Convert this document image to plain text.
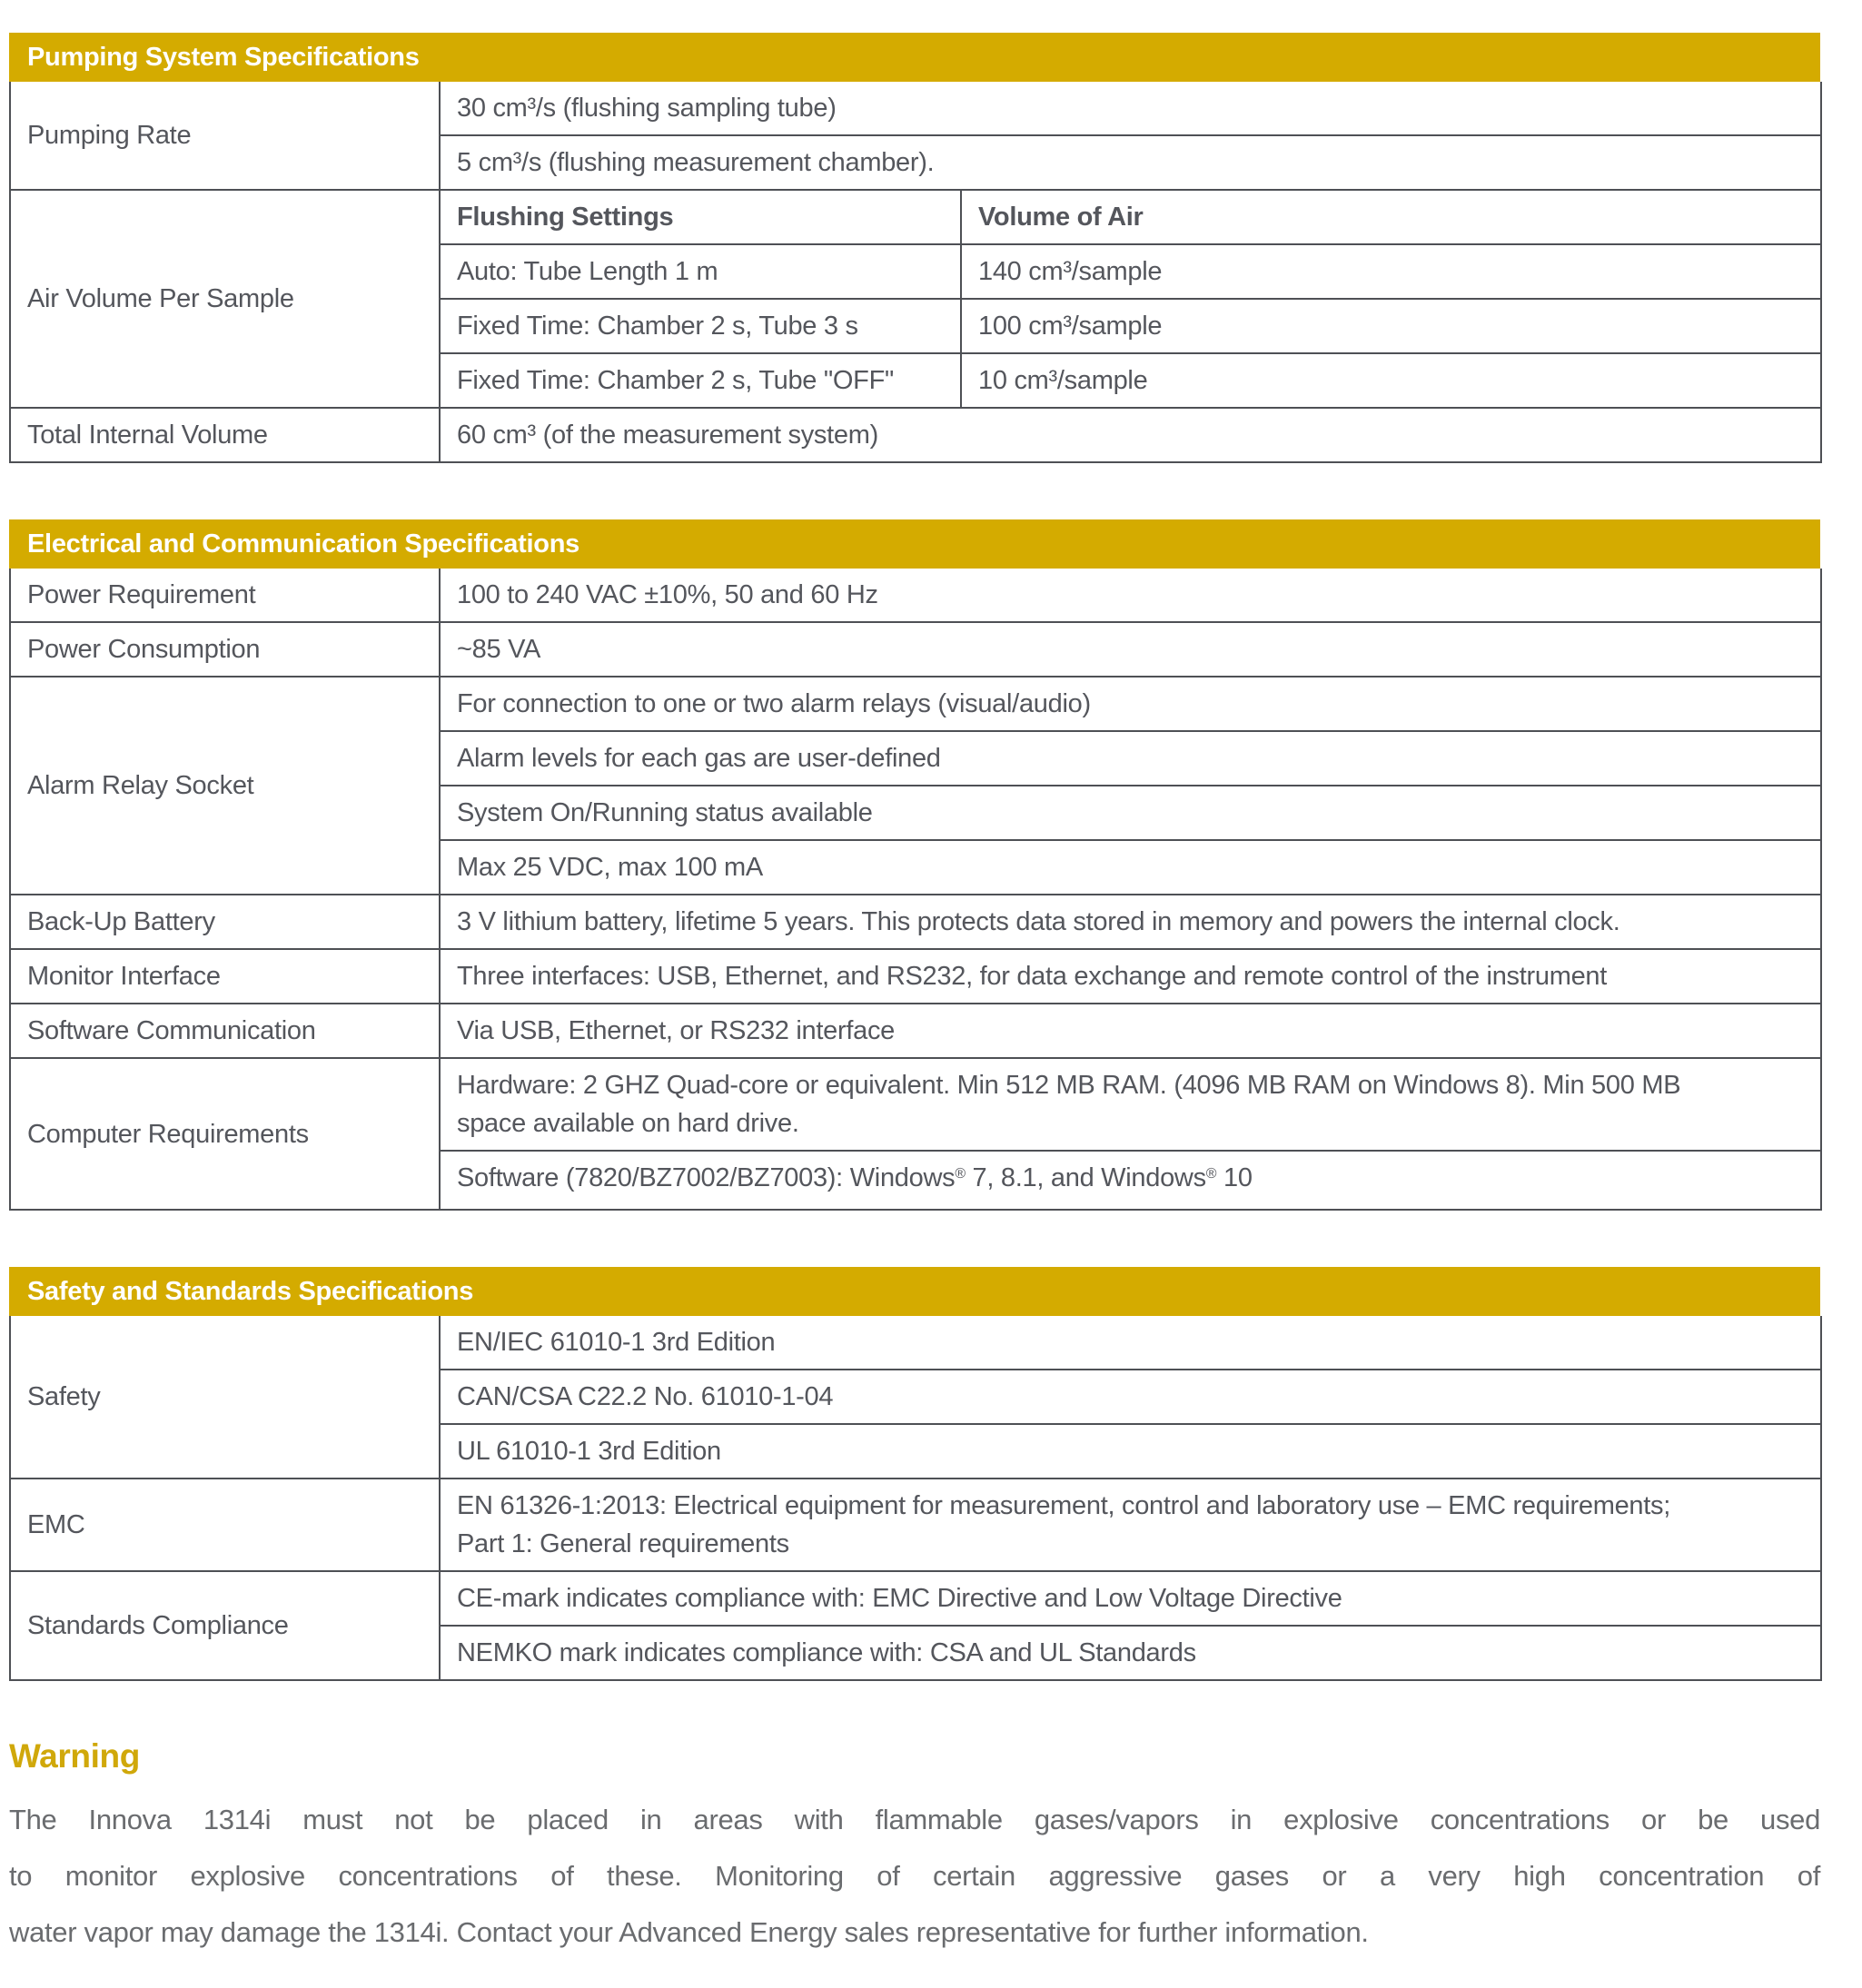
Pumping System Specifications
Pumping Rate	30 cm³/s (flushing sampling tube)	
	5 cm³/s (flushing measurement chamber).	
Air Volume Per Sample	Flushing Settings	Volume of Air
	Auto: Tube Length 1 m	140 cm³/sample
	Fixed Time: Chamber 2 s, Tube 3 s	100 cm³/sample
	Fixed Time: Chamber 2 s, Tube "OFF"	10 cm³/sample
Total Internal Volume	60 cm³ (of the measurement system)	
Electrical and Communication Specifications
Power Requirement	100 to 240 VAC ±10%, 50 and 60 Hz
Power Consumption	~85 VA
Alarm Relay Socket	For connection to one or two alarm relays (visual/audio)
	Alarm levels for each gas are user-defined
	System On/Running status available
	Max 25 VDC, max 100 mA
Back-Up Battery	3 V lithium battery, lifetime 5 years. This protects data stored in memory and powers the internal clock.
Monitor Interface	Three interfaces: USB, Ethernet, and RS232, for data exchange and remote control of the instrument
Software Communication	Via USB, Ethernet, or RS232 interface
Computer Requirements	Hardware: 2 GHZ Quad-core or equivalent. Min 512 MB RAM. (4096 MB RAM on Windows 8). Min 500 MB
space available on hard drive.

	Software (7820/BZ7002/BZ7003): Windows® 7, 8.1, and Windows® 10
Safety and Standards Specifications
Safety	EN/IEC 61010-1 3rd Edition
	CAN/CSA C22.2 No. 61010-1-04
	UL 61010-1 3rd Edition
EMC	EN 61326-1:2013: Electrical equipment for measurement, control and laboratory use – EMC requirements;
Part 1: General requirements

Standards Compliance	CE-mark indicates compliance with: EMC Directive and Low Voltage Directive
	NEMKO mark indicates compliance with: CSA and UL Standards
Warning
The Innova 1314i must not be placed in areas with flammable gases/vapors in explosive concentrations or be used
to monitor explosive concentrations of these. Monitoring of certain aggressive gases or a very high concentration of
water vapor may damage the 1314i. Contact your Advanced Energy sales representative for further information.
